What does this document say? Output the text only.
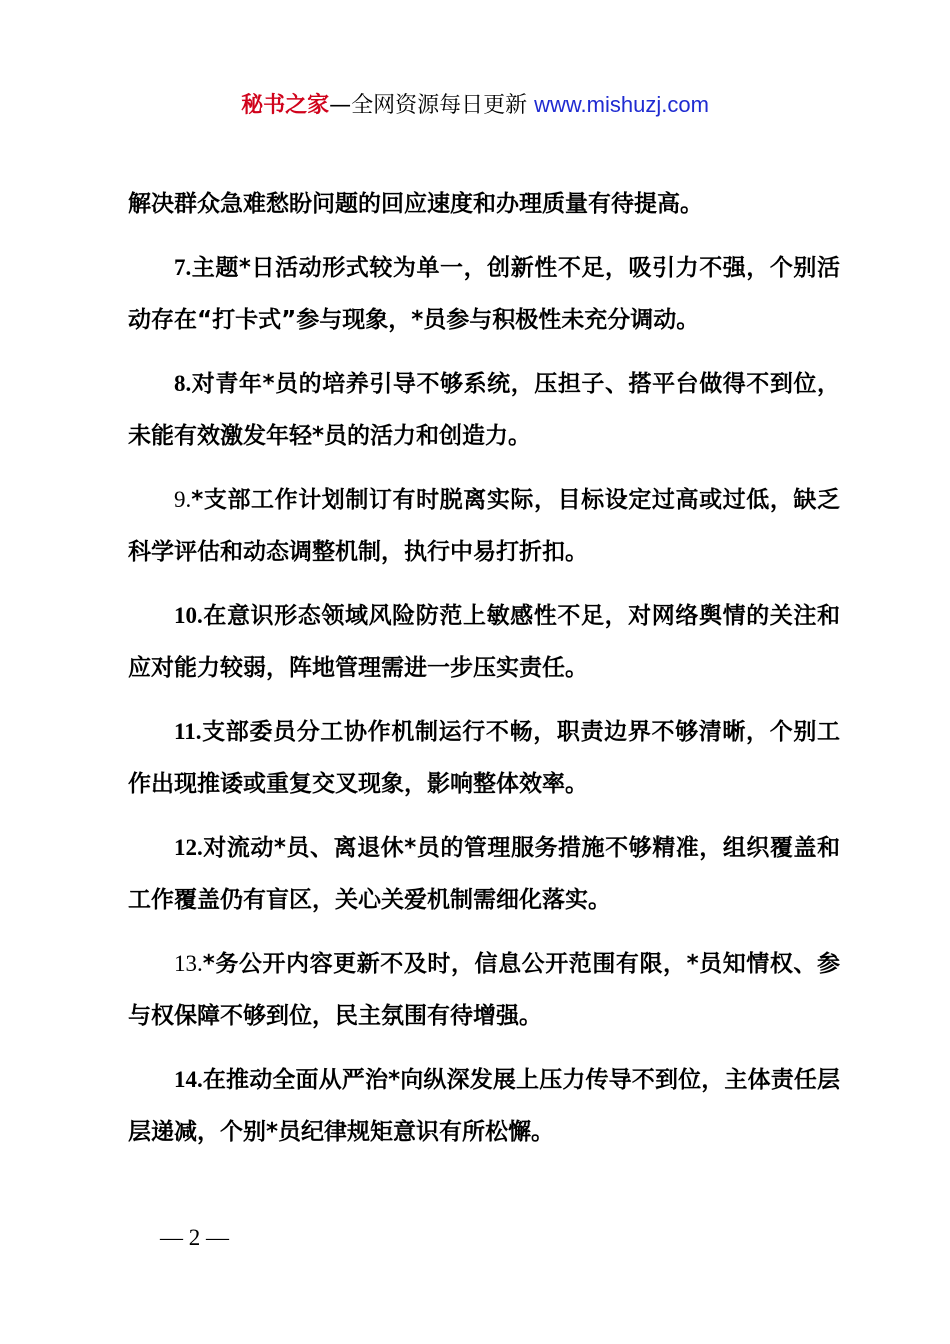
秘书之家—全网资源每日更新 www.mishuzj.com

解决群众急难愁盼问题的回应速度和办理质量有待提高。

7.主题*日活动形式较为单一，创新性不足，吸引力不强，个别活动存在“打卡式”参与现象，*员参与积极性未充分调动。

8.对青年*员的培养引导不够系统，压担子、搭平台做得不到位，未能有效激发年轻*员的活力和创造力。

9.*支部工作计划制订有时脱离实际，目标设定过高或过低，缺乏科学评估和动态调整机制，执行中易打折扣。

10.在意识形态领域风险防范上敏感性不足，对网络舆情的关注和应对能力较弱，阵地管理需进一步压实责任。

11.支部委员分工协作机制运行不畅，职责边界不够清晰，个别工作出现推诿或重复交叉现象，影响整体效率。

12.对流动*员、离退休*员的管理服务措施不够精准，组织覆盖和工作覆盖仍有盲区，关心关爱机制需细化落实。

13.*务公开内容更新不及时，信息公开范围有限，*员知情权、参与权保障不够到位，民主氛围有待增强。

14.在推动全面从严治*向纵深发展上压力传导不到位，主体责任层层递减，个别*员纪律规矩意识有所松懈。

— 2 —
